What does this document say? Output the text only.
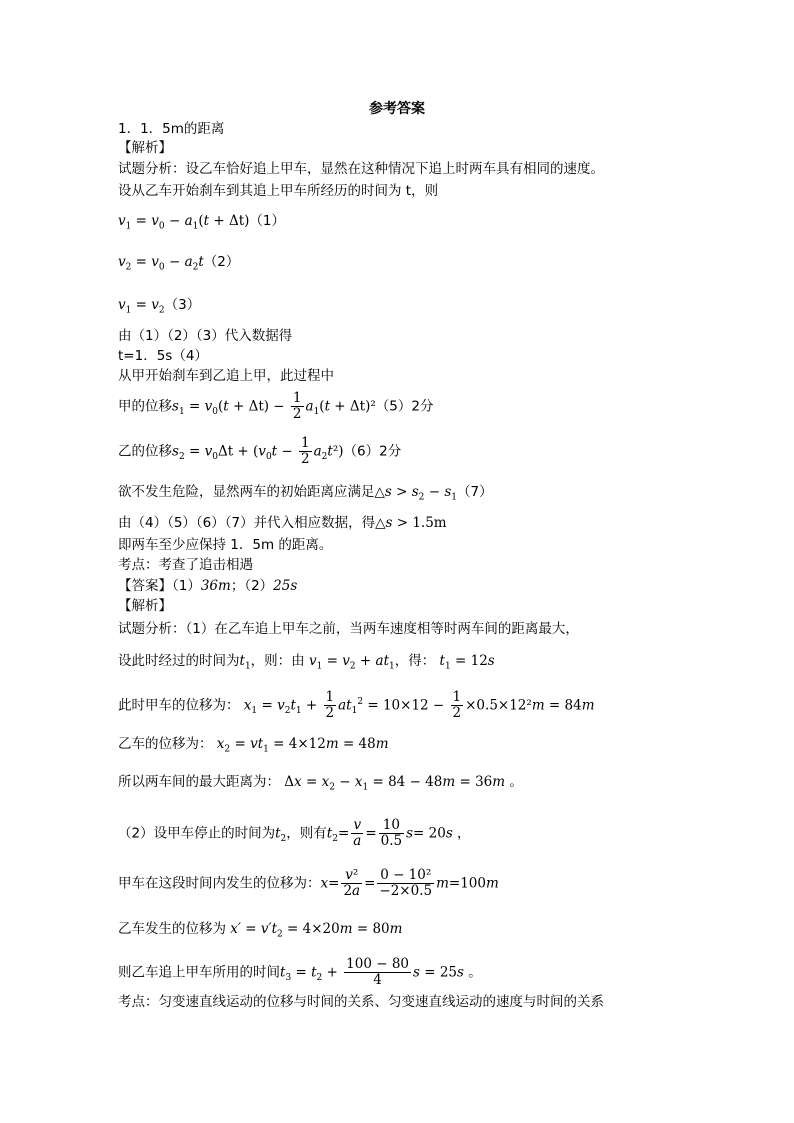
参考答案
1．1．5m的距离
【解析】
试题分析：设乙车恰好追上甲车，显然在这种情况下追上时两车具有相同的速度。
设从乙车开始刹车到其追上甲车所经历的时间为 t，则
$v_1 = v_0 - a_1(t + \Delta t)(1)$
$v_2 = v_0 - a_2t(2)$
$v_1 = v_2(3)$
由（1）（2）（3）代入数据得
t=1．5s（4）
从甲开始刹车到乙追上甲，此过程中
甲的位移$s_1 = v_0(t + \Delta t) - \frac{1}{2} a_1(t + \Delta t)^2(5)2$分
乙的位移$s_2 = v_0\Delta t + (v_0t - \frac{1}{2} a_2t^2)(6)2$分
欲不发生危险，显然两车的初始距离应满足△s > $s_2 - s_1(7)$
由（4）（5）（6）（7）并代入相应数据，得△s > 1.5m
即两车至少应保持 1．5m 的距离。
考点：考查了追击相遇
【答案】（1）36m；（2）25s
【解析】
试题分析：（1）在乙车追上甲车之前，当两车速度相等时两车间的距离最大，
设此时经过的时间为$t_1$，则：由 $v_1 = v_2 + at_1$，得： $t_1 = 12s$
此时甲车的位移为： $x_1 = v_2t_1 + \frac{1}{2} at_1^2 = 10\times 12 - \frac{1}{2} \times 0.5\times 12^2m = 84m$
乙车的位移为： $x_2 = vt_1 = 4\times 12m = 48m$
所以两车间的最大距离为： $\Delta x = x_2 - x_1 = 84 - 48m = 36m$ 。
（2）设甲车停止的时间为$t_2$，则有$t_2= \frac{v}{a} = \frac{10}{0.5} s= 20s$ ，
甲车在这段时间内发生的位移为：$x= \frac{\text{v²}}{2a} = \frac{\text{0 − 10²}}{-2\times 0.5} m=100m$
乙车发生的位移为 $x' = v't_2 = 4\times 20m = 80m$
则乙车追上甲车所用的时间$t_3 = t_2 + \frac{100 - 80}{4}$ s = 25s 。
考点：匀变速直线运动的位移与时间的关系、匀变速直线运动的速度与时间的关系
